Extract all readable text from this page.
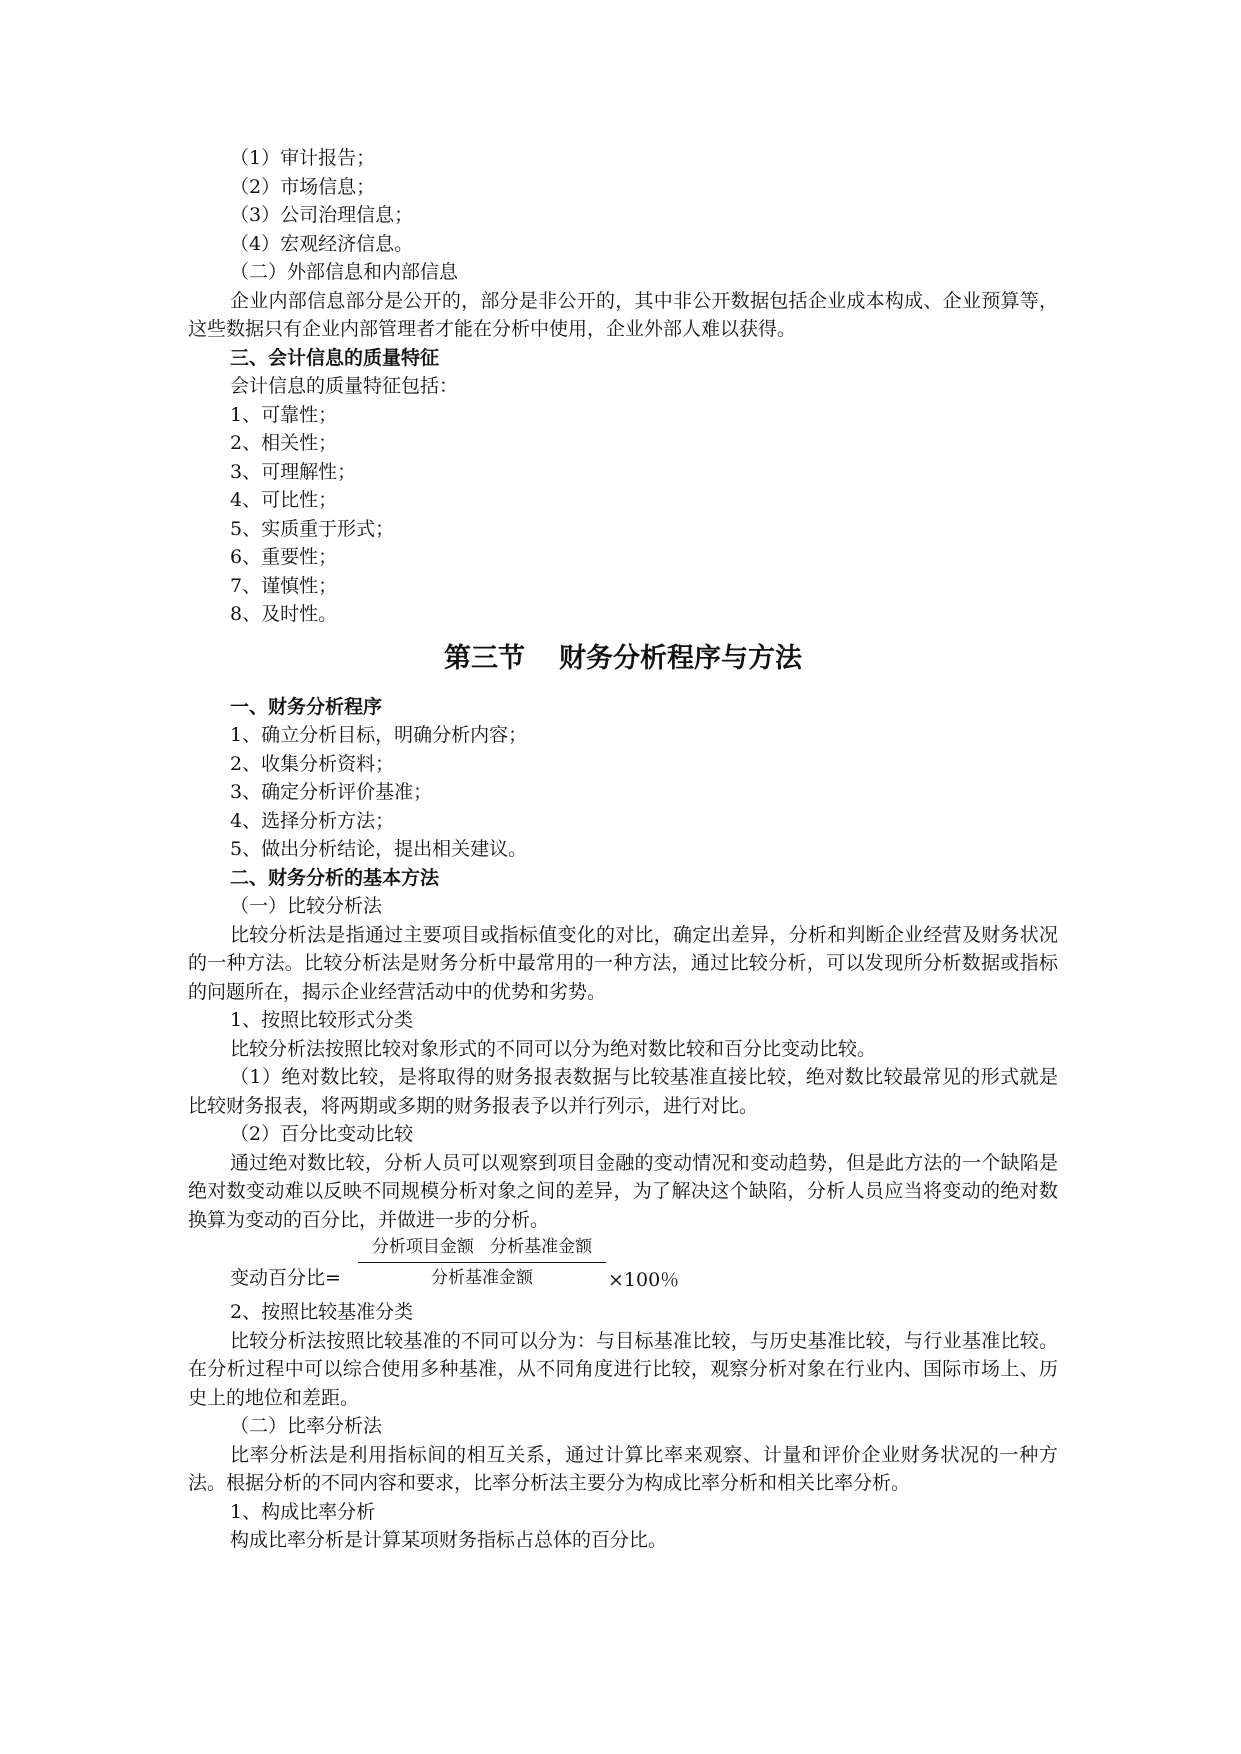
（1）审计报告；

（2）市场信息；

（3）公司治理信息；

（4）宏观经济信息。

（二）外部信息和内部信息

企业内部信息部分是公开的，部分是非公开的，其中非公开数据包括企业成本构成、企业预算等，这些数据只有企业内部管理者才能在分析中使用，企业外部人难以获得。

三、会计信息的质量特征

会计信息的质量特征包括：

1、可靠性；

2、相关性；

3、可理解性；

4、可比性；

5、实质重于形式；

6、重要性；

7、谨慎性；

8、及时性。

第三节 财务分析程序与方法

一、财务分析程序

1、确立分析目标，明确分析内容；

2、收集分析资料；

3、确定分析评价基准；

4、选择分析方法；

5、做出分析结论，提出相关建议。

二、财务分析的基本方法

（一）比较分析法

比较分析法是指通过主要项目或指标值变化的对比，确定出差异，分析和判断企业经营及财务状况的一种方法。比较分析法是财务分析中最常用的一种方法，通过比较分析，可以发现所分析数据或指标的问题所在，揭示企业经营活动中的优势和劣势。

1、按照比较形式分类

比较分析法按照比较对象形式的不同可以分为绝对数比较和百分比变动比较。

（1）绝对数比较，是将取得的财务报表数据与比较基准直接比较，绝对数比较最常见的形式就是比较财务报表，将两期或多期的财务报表予以并行列示，进行对比。

（2）百分比变动比较

通过绝对数比较，分析人员可以观察到项目金融的变动情况和变动趋势，但是此方法的一个缺陷是绝对数变动难以反映不同规模分析对象之间的差异，为了解决这个缺陷，分析人员应当将变动的绝对数换算为变动的百分比，并做进一步的分析。

变动百分比=
分析项目金额 分析基准金额
分析基准金额	×100％

2、按照比较基准分类

比较分析法按照比较基准的不同可以分为：与目标基准比较，与历史基准比较，与行业基准比较。在分析过程中可以综合使用多种基准，从不同角度进行比较，观察分析对象在行业内、国际市场上、历史上的地位和差距。

（二）比率分析法

比率分析法是利用指标间的相互关系，通过计算比率来观察、计量和评价企业财务状况的一种方法。根据分析的不同内容和要求，比率分析法主要分为构成比率分析和相关比率分析。

1、构成比率分析

构成比率分析是计算某项财务指标占总体的百分比。
